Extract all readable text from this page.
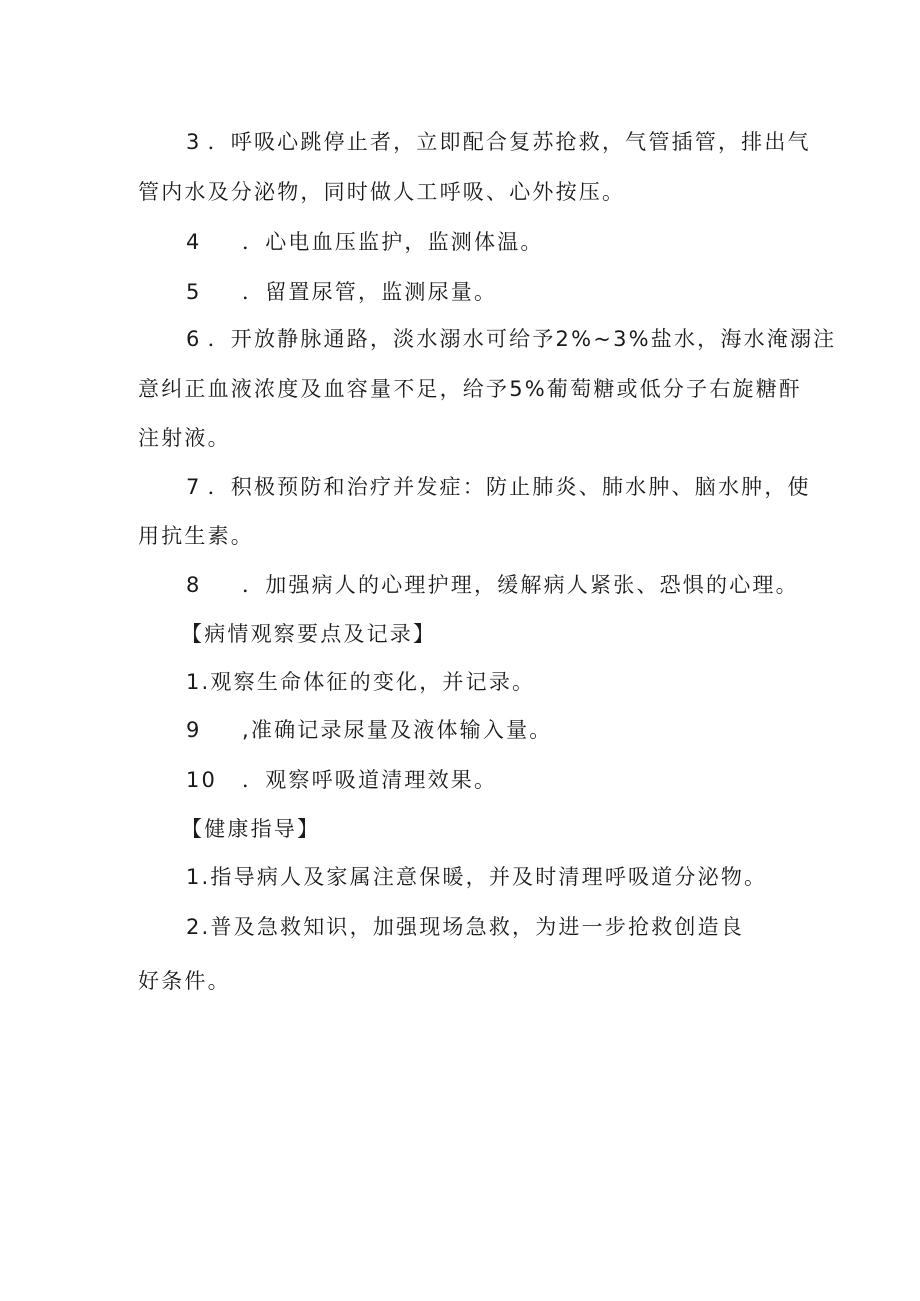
3 ．呼吸心跳停止者，立即配合复苏抢救，气管插管，排出气
管内水及分泌物，同时做人工呼吸、心外按压。
4 ．心电血压监护，监测体温。
5 ．留置尿管，监测尿量。
6 ．开放静脉通路，淡水溺水可给予2%~3%盐水，海水淹溺注
意纠正血液浓度及血容量不足，给予5%葡萄糖或低分子右旋糖酐
注射液。
7 ．积极预防和治疗并发症：防止肺炎、肺水肿、脑水肿，使
用抗生素。
8 ．加强病人的心理护理，缓解病人紧张、恐惧的心理。
【病情观察要点及记录】
1.观察生命体征的变化，并记录。
9 ,准确记录尿量及液体输入量。
10 ．观察呼吸道清理效果。
【健康指导】
1.指导病人及家属注意保暖，并及时清理呼吸道分泌物。
2.普及急救知识，加强现场急救，为进一步抢救创造良
好条件。
